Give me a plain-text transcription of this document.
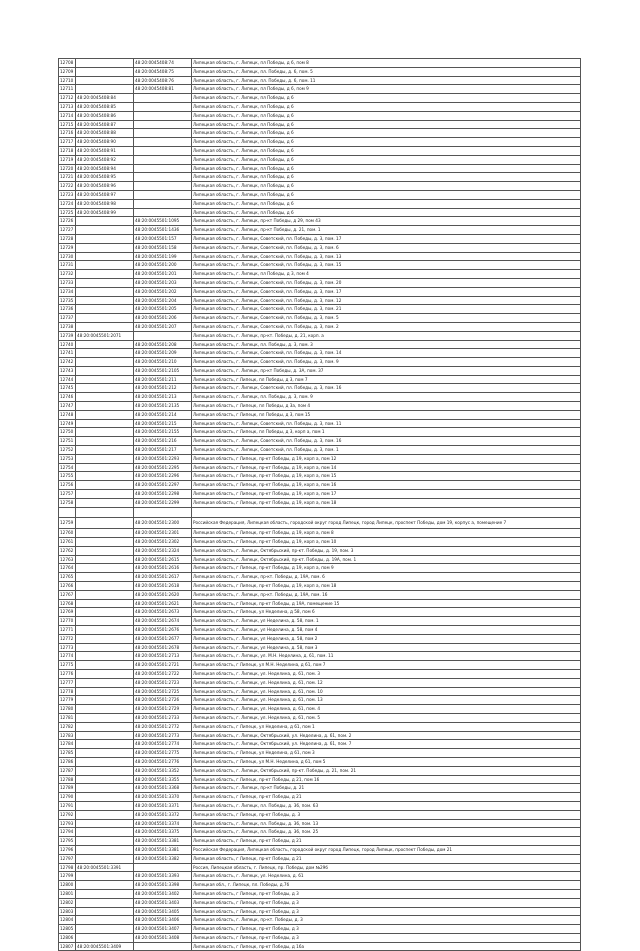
12708		48:20:0045408:74	Липецкая область, г. Липецк, пл Победы, д 6, пом 8
12709		48:20:0045408:75	Липецкая область, г. Липецк, пл. Победы, д. 6, пом. 5
12710		48:20:0045408:76	Липецкая область, г. Липецк, пл. Победы, д. 6, пом. 11
12711		48:20:0045408:81	Липецкая область, г. Липецк, пл Победы, д 6, пом 9
12712	48:20:0045408:84		Липецкая область, г. Липецк, пл Победы, д 6
12713	48:20:0045408:85		Липецкая область, г. Липецк, пл Победы, д 6
12714	48:20:0045408:86		Липецкая область, г. Липецк, пл Победы, д 6
12715	48:20:0045408:87		Липецкая область, г. Липецк, пл Победы, д 6
12716	48:20:0045408:88		Липецкая область, г. Липецк, пл Победы, д 6
12717	48:20:0045408:90		Липецкая область, г. Липецк, пл Победы, д 6
12718	48:20:0045408:91		Липецкая область, г. Липецк, пл Победы, д 6
12719	48:20:0045408:92		Липецкая область, г. Липецк, пл Победы, д 6
12720	48:20:0045408:94		Липецкая область, г. Липецк, пл Победы, д 6
12721	48:20:0045408:95		Липецкая область, г. Липецк, пл Победы, д 6
12722	48:20:0045408:96		Липецкая область, г. Липецк, пл Победы, д 6
12723	48:20:0045408:97		Липецкая область, г. Липецк, пл Победы, д 6
12724	48:20:0045408:98		Липецкая область, г. Липецк, пл Победы, д 6
12725	48:20:0045408:99		Липецкая область, г. Липецк, пл Победы, д 6
12726		48:20:0045501:1095	Липецкая область, г. Липецк, пр-кт Победы, д 29, пом 43
12727		48:20:0045501:1436	Липецкая область, г. Липецк, пр-кт Победы, д. 21, пом. 1
12728		48:20:0045501:157	Липецкая область, г. Липецк, Советский, пл. Победы, д. 3, пом. 17
12729		48:20:0045501:158	Липецкая область, г. Липецк, Советский, пл. Победы, д. 3, пом. 6
12730		48:20:0045501:199	Липецкая область, г. Липецк, Советский, пл. Победы, д. 3, пом. 13
12731		48:20:0045501:200	Липецкая область, г. Липецк, Советский, пл. Победы, д. 3, пом. 15
12732		48:20:0045501:201	Липецкая область, г. Липецк, пл Победы, д 3, пом 4
12733		48:20:0045501:203	Липецкая область, г. Липецк, Советский, пл. Победы, д. 3, пом. 20
12734		48:20:0045501:202	Липецкая область, г. Липецк, Советский, пл. Победы, д. 3, пом. 17
12735		48:20:0045501:204	Липецкая область, г. Липецк, Советский, пл. Победы, д. 3, пом. 12
12736		48:20:0045501:205	Липецкая область, г. Липецк, Советский, пл. Победы, д. 3, пом. 21
12737		48:20:0045501:206	Липецкая область, г. Липецк, Советский, пл. Победы, д. 3, пом. 5
12738		48:20:0045501:207	Липецкая область, г. Липецк, Советский, пл. Победы, д. 3, пом. 2
12739	48:20:0045501:2071		Липецкая область, г. Липецк, пр-кт. Победы, д. 21, корп. а
12740		48:20:0045501:208	Липецкая область, г. Липецк, пл. Победы, д. 3, пом. 3
12741		48:20:0045501:209	Липецкая область, г. Липецк, Советский, пл. Победы, д. 3, пом. 14
12742		48:20:0045501:210	Липецкая область, г. Липецк, Советский, пл. Победы, д. 3, пом. 9
12743		48:20:0045501:2105	Липецкая область, г. Липецк, пр-кт Победы, д. 3А, пом. 37
12744		48:20:0045501:211	Липецкая область, г Липецк, пл Победы, д 3, пом 7
12745		48:20:0045501:212	Липецкая область, г. Липецк, Советский, пл. Победы, д. 3, пом. 16
12746		48:20:0045501:213	Липецкая область, г. Липецк, пл. Победы, д. 3, пом. 9
12747		48:20:0045501:2135	Липецкая область, г Липецк, пл Победы, д 3а, пом 4
12748		48:20:0045501:214	Липецкая область, г Липецк, пл Победы, д 3, пом 15
12749		48:20:0045501:215	Липецкая область, г. Липецк, Советский, пл. Победы, д. 3, пом. 11
12750		48:20:0045501:2155	Липецкая область, г Липецк, пл Победы, д 3, корп а, пом 1
12751		48:20:0045501:216	Липецкая область, г. Липецк, Советский, пл. Победы, д. 3, пом. 16
12752		48:20:0045501:217	Липецкая область, г. Липецк, Советский, пл. Победы, д. 3, пом. 1
12753		48:20:0045501:2293	Липецкая область, г Липецк, пр-кт Победы, д 19, корп а, пом 12
12754		48:20:0045501:2295	Липецкая область, г Липецк, пр-кт Победы, д 19, корп а, пом 14
12755		48:20:0045501:2296	Липецкая область, г Липецк, пр-кт Победы, д 19, корп а, пом 15
12756		48:20:0045501:2297	Липецкая область, г Липецк, пр-кт Победы, д 19, корп а, пом 16
12757		48:20:0045501:2298	Липецкая область, г Липецк, пр-кт Победы, д 19, корп а, пом 17
12758		48:20:0045501:2299	Липецкая область, г Липецк, пр-кт Победы, д 19, корп а, пом 18

12759		48:20:0045501:2300	Российская Федерация, Липецкая область, городской округ город Липецк, город Липецк, проспект Победы, дом 19, корпус а, помещение 7
12760		48:20:0045501:2301	Липецкая область, г Липецк, пр-кт Победы, д 19, корп а, пом 8
12761		48:20:0045501:2302	Липецкая область, г Липецк, пр-кт Победы, д 19, корп а, пом 10
12762		48:20:0045501:2324	Липецкая область, г. Липецк, Октябрьский, пр-кт. Победы, д. 19, пом. 3
12763		48:20:0045501:2615	Липецкая область, г. Липецк, Октябрьский, пр-кт. Победы, д. 19А, пом. 1
12764		48:20:0045501:2616	Липецкая область, г Липецк, пр-кт Победы, д 19, корп а, пом 9
12765		48:20:0045501:2617	Липецкая область, г. Липецк, пр-кт. Победы, д. 19А, пом. 6
12766		48:20:0045501:2618	Липецкая область, г Липецк, пр-кт Победы, д 19, корп а, пом 18
12767		48:20:0045501:2620	Липецкая область, г. Липецк, пр-кт. Победы, д. 19А, пом. 16
12768		48:20:0045501:2621	Липецкая область, г Липецк, пр-кт Победы, д 19А, помещение 15
12769		48:20:0045501:2673	Липецкая область, г Липецк, ул Неделина, д 58, пом 6
12770		48:20:0045501:2674	Липецкая область, г. Липецк, ул Неделина, д. 58, пом. 1
12771		48:20:0045501:2676	Липецкая область, г. Липецк, ул Неделина, д. 58, пом 4
12772		48:20:0045501:2677	Липецкая область, г. Липецк, ул Неделина, д. 58, пом 2
12773		48:20:0045501:2678	Липецкая область, г. Липецк, ул Неделина, д. 58, пом 3
12774		48:20:0045501:2713	Липецкая область, г. Липецк, ул. М.Н. Неделина, д. 61, пом. 11
12775		48:20:0045501:2721	Липецкая область, г Липецк, ул М.Н. Неделина, д 61, пом 7
12776		48:20:0045501:2722	Липецкая область, г. Липецк, ул. Неделина, д. 61, пом. 3
12777		48:20:0045501:2723	Липецкая область, г. Липецк, ул. Неделина, д. 61, пом. 12
12778		48:20:0045501:2725	Липецкая область, г. Липецк, ул. Неделина, д. 61, пом. 10
12779		48:20:0045501:2726	Липецкая область, г. Липецк, ул. Неделина, д. 61, пом. 13
12780		48:20:0045501:2729	Липецкая область, г. Липецк, ул. Неделина, д. 61, пом. 4
12781		48:20:0045501:2733	Липецкая область, г. Липецк, ул. Неделина, д. 61, пом. 5
12782		48:20:0045501:2772	Липецкая область, г Липецк, ул Неделина, д 61, пом 1
12783		48:20:0045501:2773	Липецкая область, г. Липецк, Октябрьский, ул. Неделина, д. 61, пом. 2
12784		48:20:0045501:2774	Липецкая область, г. Липецк, Октябрьский, ул. Неделина, д. 61, пом. 7
12785		48:20:0045501:2775	Липецкая область, г Липецк, ул Неделина, д 61, пом 3
12786		48:20:0045501:2776	Липецкая область, г Липецк, ул М.Н. Неделина, д 61, пом 5
12787		48:20:0045501:3352	Липецкая область, г. Липецк, Октябрьский, пр-кт. Победы, д. 21, пом. 21
12788		48:20:0045501:3355	Липецкая область, г Липецк, пр-кт Победы, д 21, пом 16
12789		48:20:0045501:3368	Липецкая область, г. Липецк, пр-кт Победы, д. 21
12790		48:20:0045501:3370	Липецкая область, г Липецк, пр-кт Победы, д 21
12791		48:20:0045501:3371	Липецкая область, г. Липецк, пл. Победы, д. 36, пом. 63
12792		48:20:0045501:3372	Липецкая область, г Липецк, пр-кт Победы, д. 3
12793		48:20:0045501:3374	Липецкая область, г. Липецк, пл. Победы, д. 36, пом. 13
12794		48:20:0045501:3375	Липецкая область, г. Липецк, пл. Победы, д. 36, пом. 25
12795		48:20:0045501:3381	Липецкая область, г Липецк, пр-кт Победы, д 21
12796		48:20:0045501:3381	Российская Федерация, Липецкая область, городской округ город Липецк, город Липецк, проспект Победы, дом 21
12797		48:20:0045501:3382	Липецкая область, г Липецк, пр-кт Победы, д 21
12798	48:20:0045501:3391		Россия, Липецкая область, г. Липецк, пр. Победы, дом №29б
12799		48:20:0045501:3393	Липецкая область, г. Липецк, ул. Неделина, д. 61
12800		48:20:0045501:3398	Липецкая обл., г. Липецк, пл. Победы, д.7б
12801		48:20:0045501:3402	Липецкая область, г Липецк, пр-кт Победы, д 3
12802		48:20:0045501:3403	Липецкая область, г Липецк, пр-кт Победы, д 3
12803		48:20:0045501:3405	Липецкая область, г Липецк, пр-кт Победы, д 3
12804		48:20:0045501:3406	Липецкая область, г. Липецк, пр-кт. Победы, д. 3
12805		48:20:0045501:3407	Липецкая область, г Липецк, пр-кт Победы, д 3
12806		48:20:0045501:3408	Липецкая область, г Липецк, пр-кт Победы, д 3
12807	48:20:0045501:3409		Липецкая область, г Липецк, пр-кт Победы, д 16а
